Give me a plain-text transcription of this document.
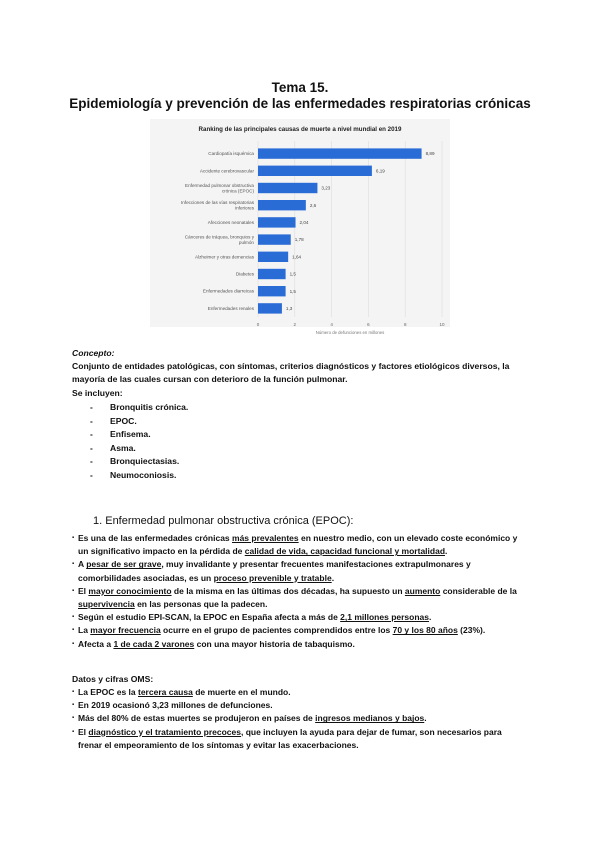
Tema 15.
Epidemiología y prevención de las enfermedades respiratorias crónicas
Ranking de las principales causas de muerte a nivel mundial en 2019
0	2	4	6	8	10
Número de defunciones en millones
Cardiopatía isquémica	8,89
Accidente cerebrovascular	6,19
Enfermedad pulmonar obstructiva
crónica (EPOC)
3,23
Infecciones de las vías respiratorias
inferiores
2,6
Afecciones neonatales	2,04
Cánceres de tráquea, bronquios y
pulmón
1,78
Alzheimer y otras demencias	1,64
Diabetes	1,5
Enfermedades diarreicas	1,5
Enfermedades renales	1,3
Concepto:
Conjunto de entidades patológicas, con síntomas, criterios diagnósticos y factores etiológicos diversos, la
mayoría de las cuales cursan con deterioro de la función pulmonar.
Se incluyen:
- Bronquitis crónica.
- EPOC.
- Enfisema.
- Asma.
- Bronquiectasias.
- Neumoconiosis.
1. Enfermedad pulmonar obstructiva crónica (EPOC):

▪ Es una de las enfermedades crónicas más prevalentes en nuestro medio, con un elevado coste económico y
un significativo impacto en la pérdida de calidad de vida, capacidad funcional y mortalidad.

▪ A pesar de ser grave, muy invalidante y presentar frecuentes manifestaciones extrapulmonares y
comorbilidades asociadas, es un proceso prevenible y tratable.

▪ El mayor conocimiento de la misma en las últimas dos décadas, ha supuesto un aumento considerable de la
supervivencia en las personas que la padecen.

▪ Según el estudio EPI-SCAN, la EPOC en España afecta a más de 2,1 millones personas.

▪ La mayor frecuencia ocurre en el grupo de pacientes comprendidos entre los 70 y los 80 años (23%).

▪ Afecta a 1 de cada 2 varones con una mayor historia de tabaquismo.

Datos y cifras OMS:

▪ La EPOC es la tercera causa de muerte en el mundo.

▪ En 2019 ocasionó 3,23 millones de defunciones.

▪ Más del 80% de estas muertes se produjeron en países de ingresos medianos y bajos.

▪ El diagnóstico y el tratamiento precoces, que incluyen la ayuda para dejar de fumar, son necesarios para
frenar el empeoramiento de los síntomas y evitar las exacerbaciones.
